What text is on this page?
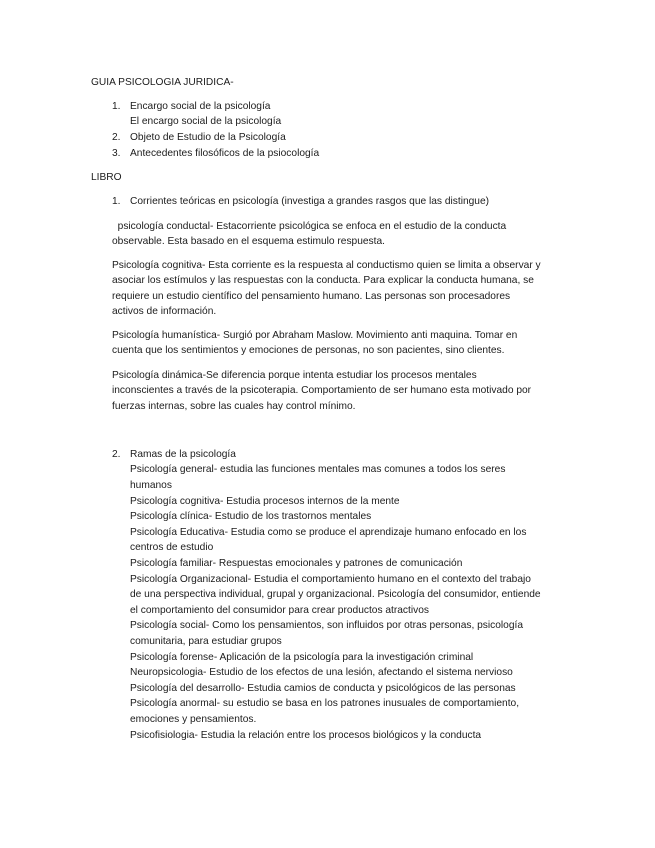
GUIA PSICOLOGIA JURIDICA-
1. Encargo social de la psicología
El encargo social de la psicología
2. Objeto de Estudio de la Psicología
3. Antecedentes filosóficos de la psiocología
LIBRO
1. Corrientes teóricas en psicología (investiga a grandes rasgos que las distingue)
psicología conductal- Estacorriente psicológica se enfoca en el estudio de la conducta
observable. Esta basado en el esquema estimulo respuesta.
Psicología cognitiva- Esta corriente es la respuesta al conductismo quien se limita a observar y
asociar los estímulos y las respuestas con la conducta. Para explicar la conducta humana, se
requiere un estudio científico del pensamiento humano. Las personas son procesadores
activos de información.
Psicología humanística- Surgió por Abraham Maslow. Movimiento anti maquina. Tomar en
cuenta que los sentimientos y emociones de personas, no son pacientes, sino clientes.
Psicología dinámica-Se diferencia porque intenta estudiar los procesos mentales
inconscientes a través de la psicoterapia. Comportamiento de ser humano esta motivado por
fuerzas internas, sobre las cuales hay control mínimo.
2. Ramas de la psicología
Psicología general- estudia las funciones mentales mas comunes a todos los seres
humanos
Psicología cognitiva- Estudia procesos internos de la mente
Psicología clínica- Estudio de los trastornos mentales
Psicología Educativa- Estudia como se produce el aprendizaje humano enfocado en los
centros de estudio
Psicología familiar- Respuestas emocionales y patrones de comunicación
Psicología Organizacional- Estudia el comportamiento humano en el contexto del trabajo
de una perspectiva individual, grupal y organizacional. Psicología del consumidor, entiende
el comportamiento del consumidor para crear productos atractivos
Psicología social- Como los pensamientos, son influidos por otras personas, psicología
comunitaria, para estudiar grupos
Psicología forense- Aplicación de la psicología para la investigación criminal
Neuropsicologia- Estudio de los efectos de una lesión, afectando el sistema nervioso
Psicología del desarrollo- Estudia camios de conducta y psicológicos de las personas
Psicología anormal- su estudio se basa en los patrones inusuales de comportamiento,
emociones y pensamientos.
Psicofisiologia- Estudia la relación entre los procesos biológicos y la conducta
